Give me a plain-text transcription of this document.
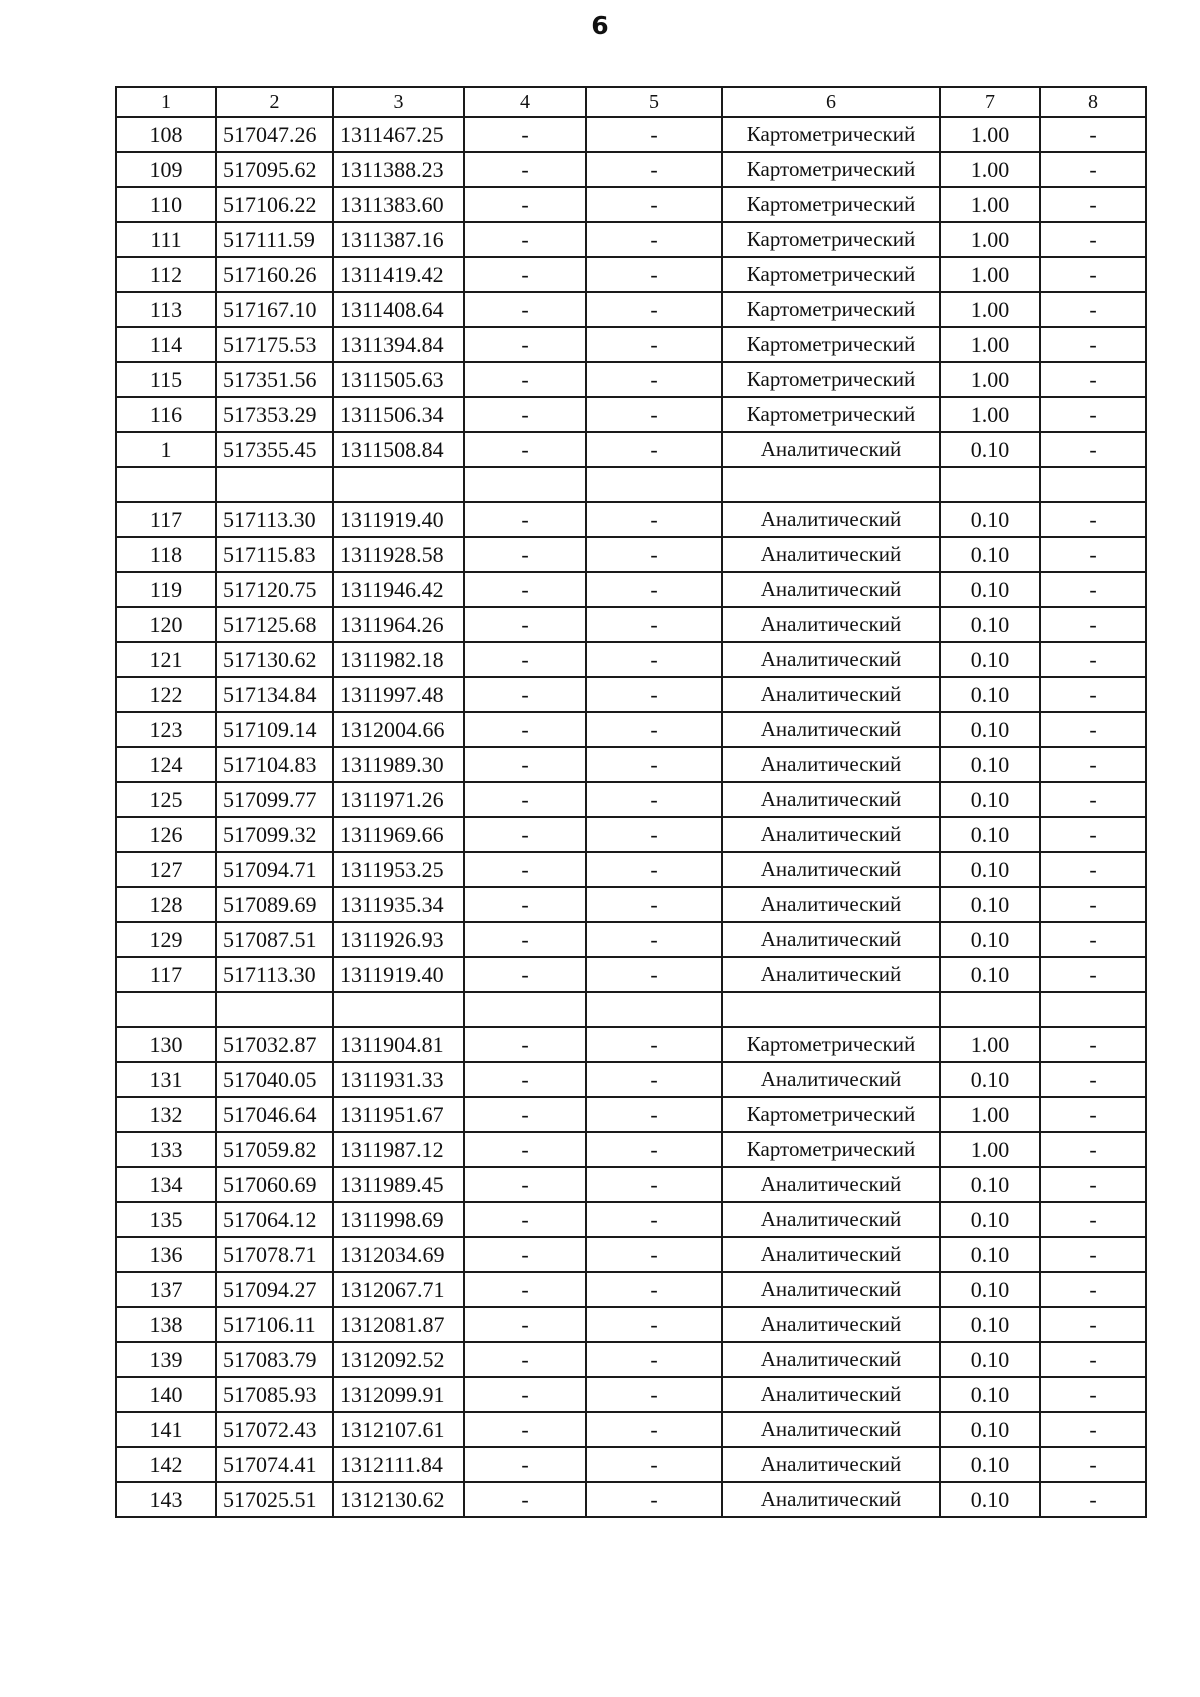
6
1	2	3	4	5	6	7	8
108	517047.26	1311467.25	-	-	Картометрический	1.00	-
109	517095.62	1311388.23	-	-	Картометрический	1.00	-
110	517106.22	1311383.60	-	-	Картометрический	1.00	-
111	517111.59	1311387.16	-	-	Картометрический	1.00	-
112	517160.26	1311419.42	-	-	Картометрический	1.00	-
113	517167.10	1311408.64	-	-	Картометрический	1.00	-
114	517175.53	1311394.84	-	-	Картометрический	1.00	-
115	517351.56	1311505.63	-	-	Картометрический	1.00	-
116	517353.29	1311506.34	-	-	Картометрический	1.00	-
1	517355.45	1311508.84	-	-	Аналитический	0.10	-

117	517113.30	1311919.40	-	-	Аналитический	0.10	-
118	517115.83	1311928.58	-	-	Аналитический	0.10	-
119	517120.75	1311946.42	-	-	Аналитический	0.10	-
120	517125.68	1311964.26	-	-	Аналитический	0.10	-
121	517130.62	1311982.18	-	-	Аналитический	0.10	-
122	517134.84	1311997.48	-	-	Аналитический	0.10	-
123	517109.14	1312004.66	-	-	Аналитический	0.10	-
124	517104.83	1311989.30	-	-	Аналитический	0.10	-
125	517099.77	1311971.26	-	-	Аналитический	0.10	-
126	517099.32	1311969.66	-	-	Аналитический	0.10	-
127	517094.71	1311953.25	-	-	Аналитический	0.10	-
128	517089.69	1311935.34	-	-	Аналитический	0.10	-
129	517087.51	1311926.93	-	-	Аналитический	0.10	-
117	517113.30	1311919.40	-	-	Аналитический	0.10	-

130	517032.87	1311904.81	-	-	Картометрический	1.00	-
131	517040.05	1311931.33	-	-	Аналитический	0.10	-
132	517046.64	1311951.67	-	-	Картометрический	1.00	-
133	517059.82	1311987.12	-	-	Картометрический	1.00	-
134	517060.69	1311989.45	-	-	Аналитический	0.10	-
135	517064.12	1311998.69	-	-	Аналитический	0.10	-
136	517078.71	1312034.69	-	-	Аналитический	0.10	-
137	517094.27	1312067.71	-	-	Аналитический	0.10	-
138	517106.11	1312081.87	-	-	Аналитический	0.10	-
139	517083.79	1312092.52	-	-	Аналитический	0.10	-
140	517085.93	1312099.91	-	-	Аналитический	0.10	-
141	517072.43	1312107.61	-	-	Аналитический	0.10	-
142	517074.41	1312111.84	-	-	Аналитический	0.10	-
143	517025.51	1312130.62	-	-	Аналитический	0.10	-
